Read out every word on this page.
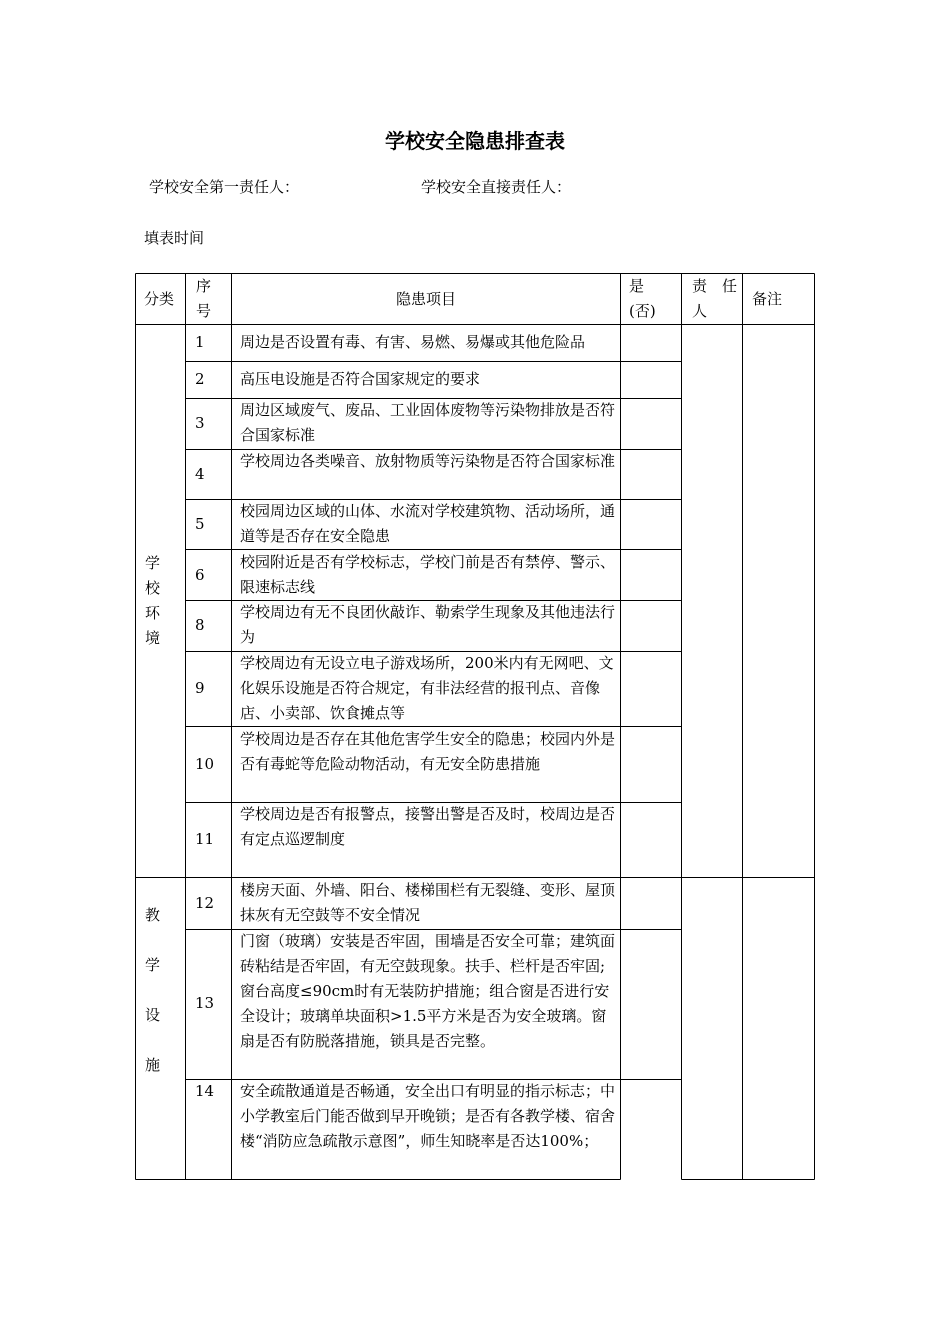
学校安全隐患排查表
学校安全第一责任人：	学校安全直接责任人：
填表时间
分类
序
号
隐患项目
是
(否)
责　任
人
备注
学
校
环
境
1 周边是否设置有毒、有害、易燃、易爆或其他危险品
2 高压电设施是否符合国家规定的要求
3
周边区域废气、废品、工业固体废物等污染物排放是否符合国家标准
4
学校周边各类噪音、放射物质等污染物是否符合国家标准
5
校园周边区域的山体、水流对学校建筑物、活动场所，通道等是否存在安全隐患
6
校园附近是否有学校标志，学校门前是否有禁停、警示、限速标志线
8
学校周边有无不良团伙敲诈、勒索学生现象及其他违法行为
9
学校周边有无设立电子游戏场所，200米内有无网吧、文化娱乐设施是否符合规定，有非法经营的报刊点、音像店、小卖部、饮食摊点等
10
学校周边是否存在其他危害学生安全的隐患；校园内外是否有毒蛇等危险动物活动，有无安全防患措施
11
学校周边是否有报警点，接警出警是否及时，校周边是否有定点巡逻制度
教
学
设
施
12
楼房天面、外墙、阳台、楼梯围栏有无裂缝、变形、屋顶抹灰有无空鼓等不安全情况
13
门窗（玻璃）安装是否牢固，围墙是否安全可靠；建筑面砖粘结是否牢固，有无空鼓现象。扶手、栏杆是否牢固;窗台高度≤90cm时有无装防护措施；组合窗是否进行安全设计；玻璃单块面积>1.5平方米是否为安全玻璃。窗扇是否有防脱落措施，锁具是否完整。
14 安全疏散通道是否畅通，安全出口有明显的指示标志；中小学教室后门能否做到早开晚锁；是否有各教学楼、宿舍楼“消防应急疏散示意图”，师生知晓率是否达100%；
